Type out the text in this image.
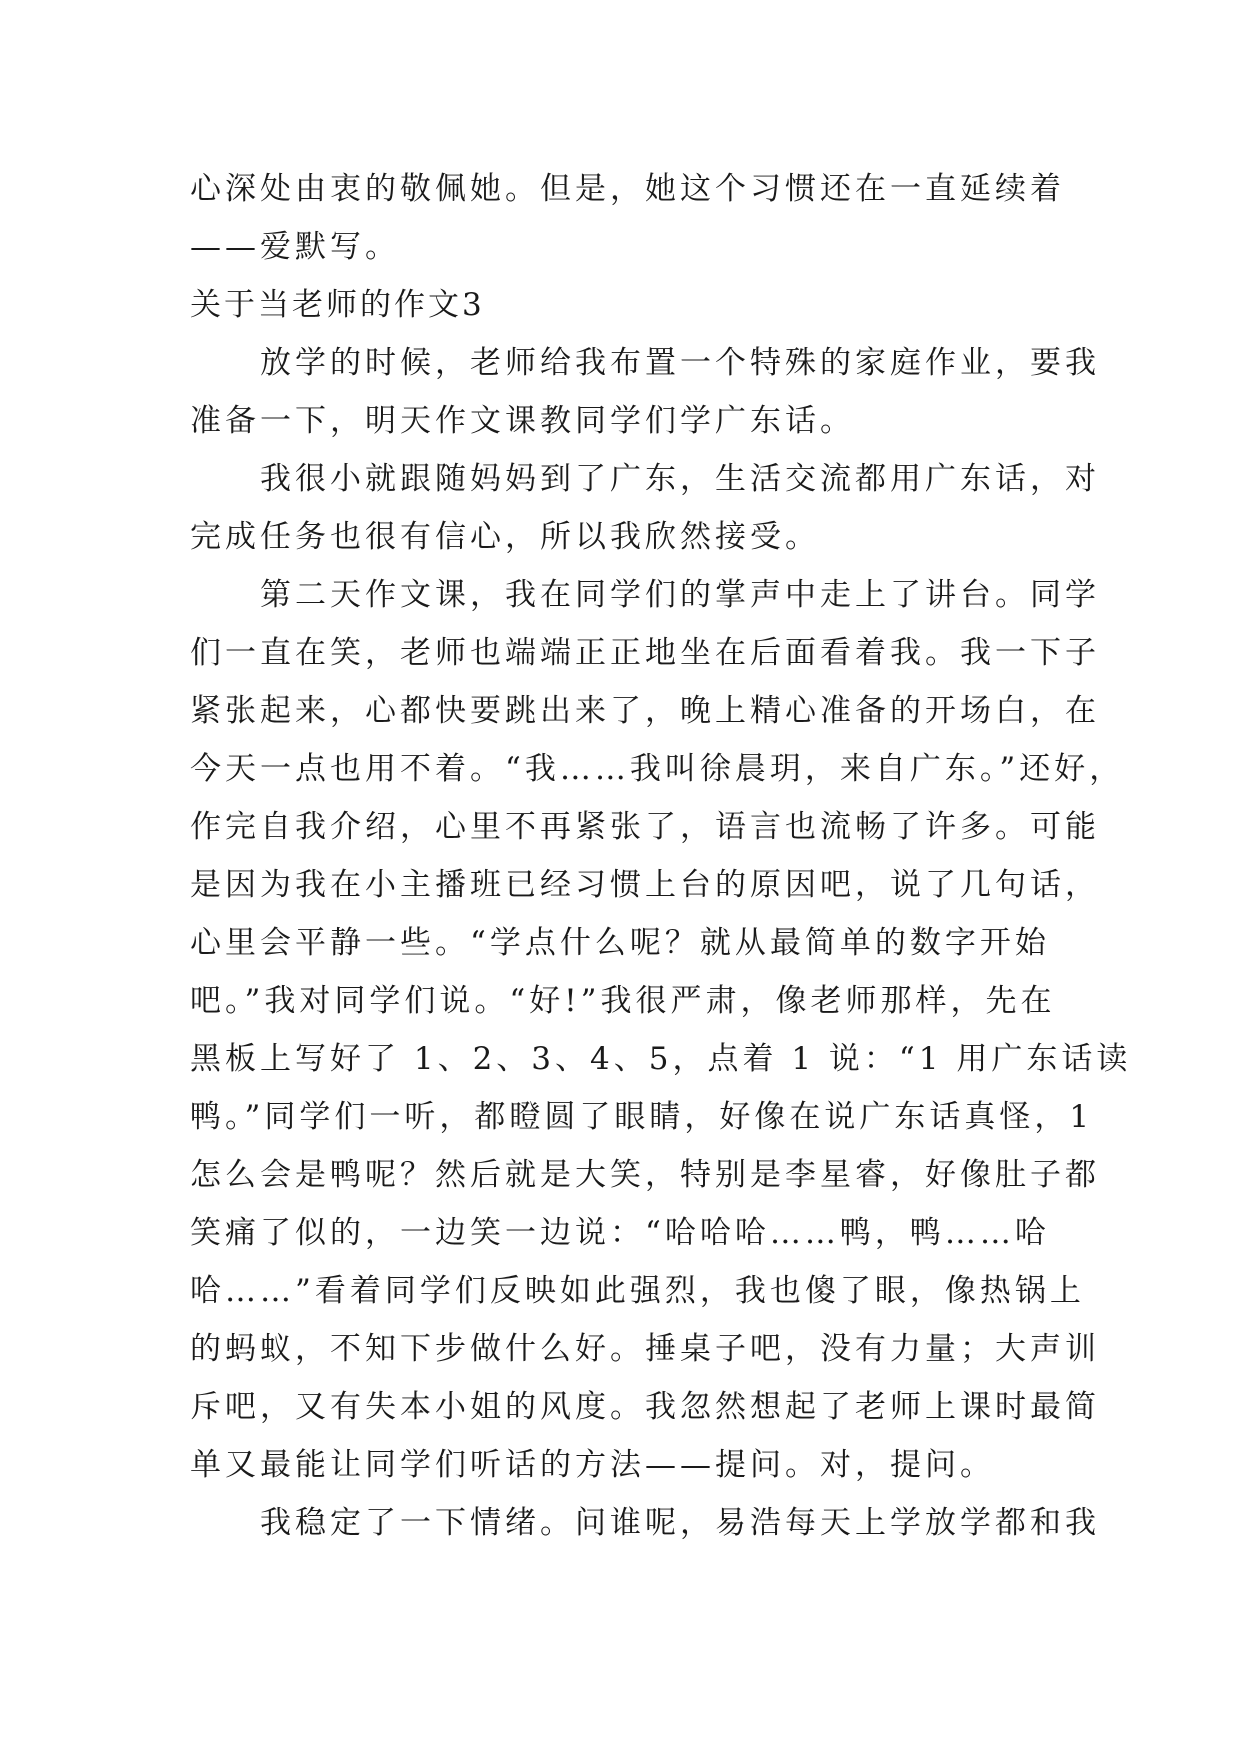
心深处由衷的敬佩她。但是，她这个习惯还在一直延续着
——爱默写。

关于当老师的作文3

放学的时候，老师给我布置一个特殊的家庭作业，要我
准备一下，明天作文课教同学们学广东话。

我很小就跟随妈妈到了广东，生活交流都用广东话，对
完成任务也很有信心，所以我欣然接受。

第二天作文课，我在同学们的掌声中走上了讲台。同学
们一直在笑，老师也端端正正地坐在后面看着我。我一下子
紧张起来，心都快要跳出来了，晚上精心准备的开场白，在
今天一点也用不着。“我……我叫徐晨玥，来自广东。”还好，
作完自我介绍，心里不再紧张了，语言也流畅了许多。可能
是因为我在小主播班已经习惯上台的原因吧，说了几句话，
心里会平静一些。“学点什么呢？就从最简单的数字开始
吧。”我对同学们说。“好!”我很严肃，像老师那样，先在
黑板上写好了 1、2、3、4、5，点着 1 说：“1 用广东话读
鸭。”同学们一听，都瞪圆了眼睛，好像在说广东话真怪，1
怎么会是鸭呢？然后就是大笑，特别是李星睿，好像肚子都
笑痛了似的，一边笑一边说：“哈哈哈……鸭，鸭……哈
哈……”看着同学们反映如此强烈，我也傻了眼，像热锅上
的蚂蚁，不知下步做什么好。捶桌子吧，没有力量；大声训
斥吧，又有失本小姐的风度。我忽然想起了老师上课时最简
单又最能让同学们听话的方法——提问。对，提问。

我稳定了一下情绪。问谁呢，易浩每天上学放学都和我
